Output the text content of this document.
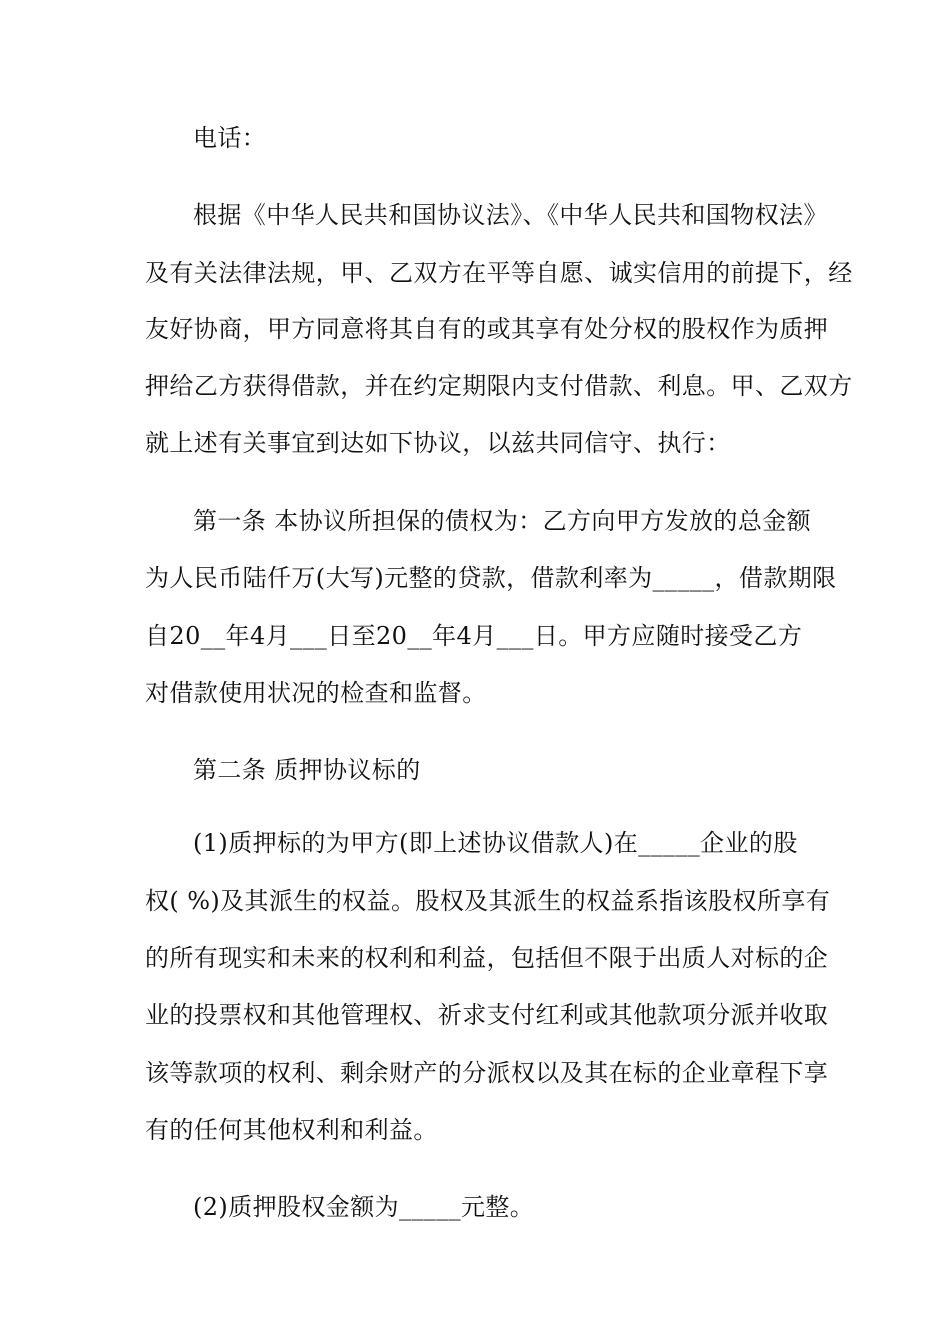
电话：
根据《中华人民共和国协议法》、《中华人民共和国物权法》
及有关法律法规，甲、乙双方在平等自愿、诚实信用的前提下，经
友好协商，甲方同意将其自有的或其享有处分权的股权作为质押
押给乙方获得借款，并在约定期限内支付借款、利息。甲、乙双方
就上述有关事宜到达如下协议，以兹共同信守、执行：
第一条 本协议所担保的债权为：乙方向甲方发放的总金额
为人民币陆仟万(大写)元整的贷款，借款利率为_____，借款期限
自20__年4月___日至20__年4月___日。甲方应随时接受乙方
对借款使用状况的检查和监督。
第二条 质押协议标的
(1)质押标的为甲方(即上述协议借款人)在_____企业的股
权( %)及其派生的权益。股权及其派生的权益系指该股权所享有
的所有现实和未来的权利和利益，包括但不限于出质人对标的企
业的投票权和其他管理权、祈求支付红利或其他款项分派并收取
该等款项的权利、剩余财产的分派权以及其在标的企业章程下享
有的任何其他权利和利益。
(2)质押股权金额为_____元整。
